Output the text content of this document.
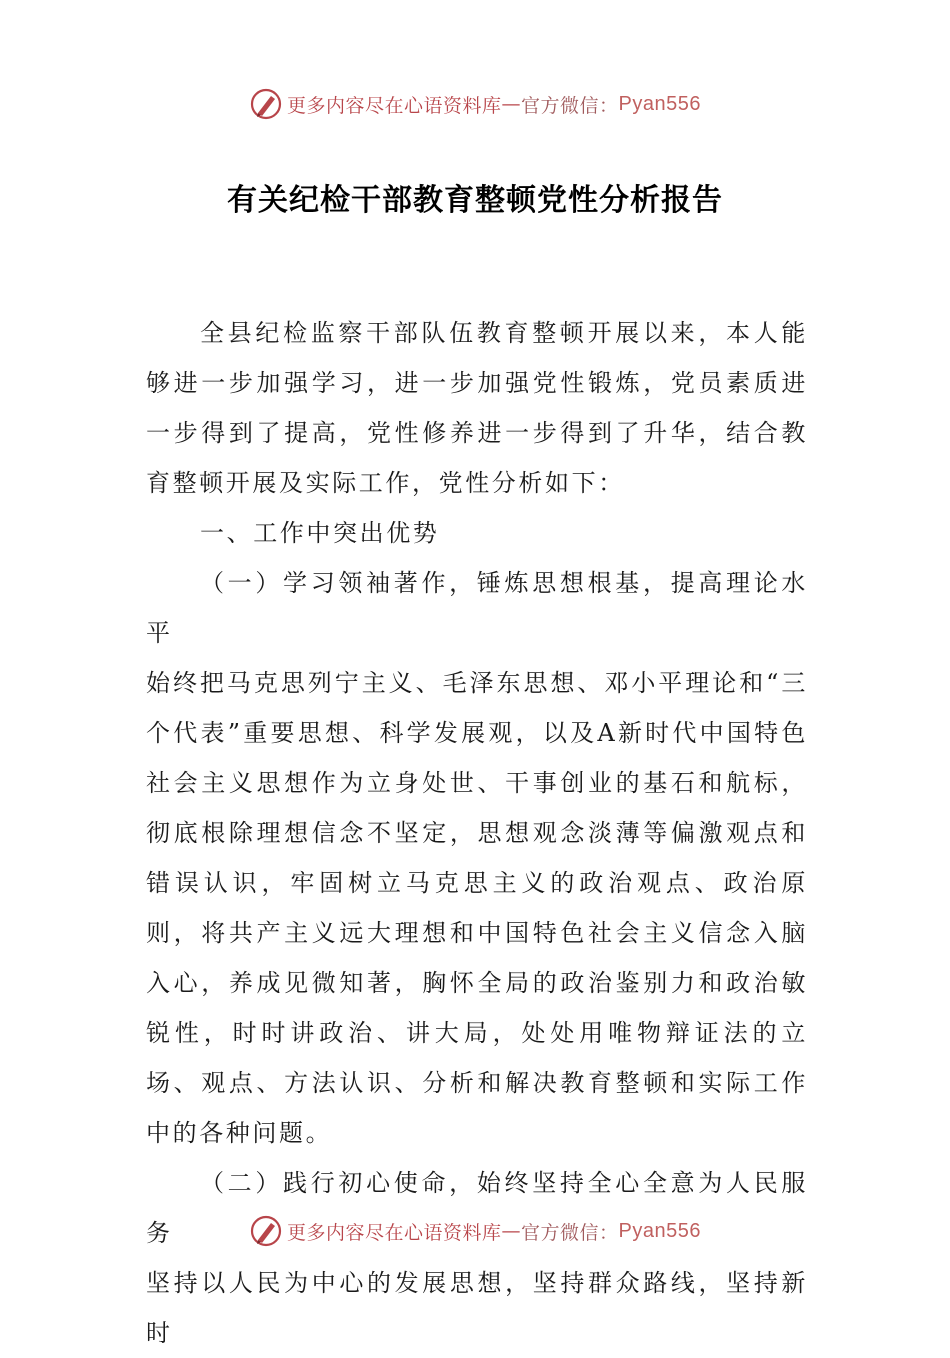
更多内容尽在心语资料库 — 官方微信： Pyan556
有关纪检干部教育整顿党性分析报告

全县纪检监察干部队伍教育整顿开展以来，本人能够进一步加强学习，进一步加强党性锻炼，党员素质进一步得到了提高，党性修养进一步得到了升华，结合教育整顿开展及实际工作，党性分析如下：

一、工作中突出优势

（一）学习领袖著作，锤炼思想根基，提高理论水平

始终把马克思列宁主义、毛泽东思想、邓小平理论和“三个代表”重要思想、科学发展观，以及A新时代中国特色社会主义思想作为立身处世、干事创业的基石和航标，彻底根除理想信念不坚定，思想观念淡薄等偏激观点和错误认识，牢固树立马克思主义的政治观点、政治原则，将共产主义远大理想和中国特色社会主义信念入脑入心，养成见微知著，胸怀全局的政治鉴别力和政治敏锐性，时时讲政治、讲大局，处处用唯物辩证法的立场、观点、方法认识、分析和解决教育整顿和实际工作中的各种问题。

（二）践行初心使命，始终坚持全心全意为人民服务

坚持以人民为中心的发展思想，坚持群众路线，坚持新时

更多内容尽在心语资料库 — 官方微信： Pyan556
